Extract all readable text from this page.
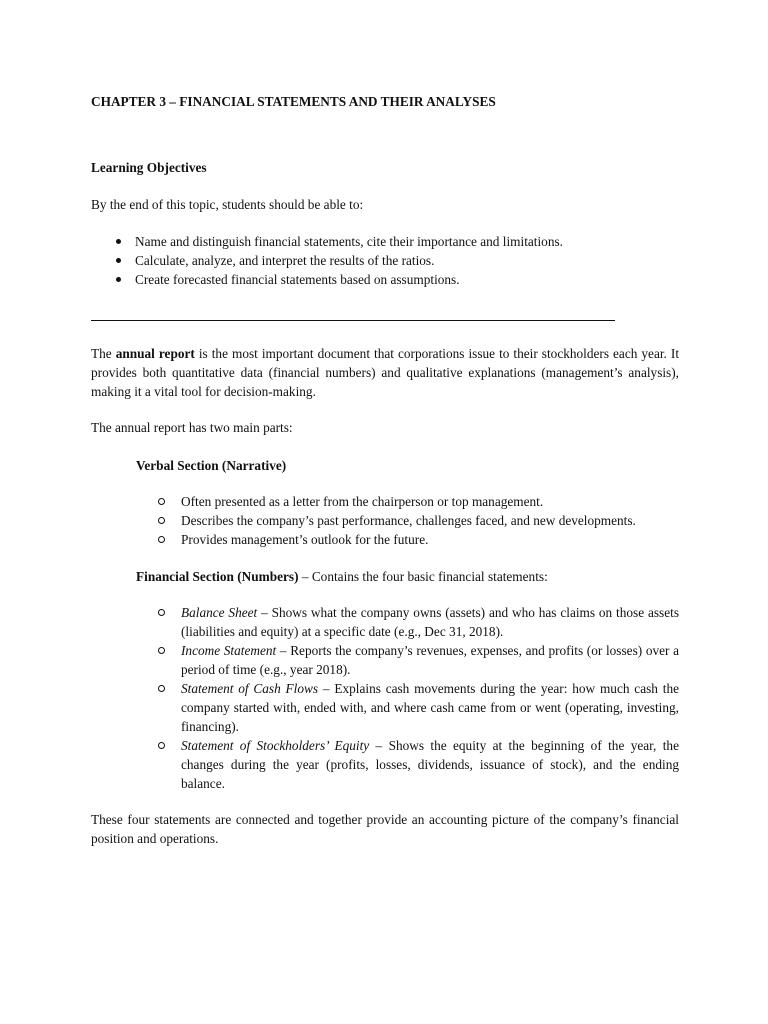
CHAPTER 3 – FINANCIAL STATEMENTS AND THEIR ANALYSES
Learning Objectives
By the end of this topic, students should be able to:
Name and distinguish financial statements, cite their importance and limitations.
Calculate, analyze, and interpret the results of the ratios.
Create forecasted financial statements based on assumptions.

The annual report is the most important document that corporations issue to their stockholders each year. It provides both quantitative data (financial numbers) and qualitative explanations (management’s analysis), making it a vital tool for decision-making.

The annual report has two main parts:
Verbal Section (Narrative)
Often presented as a letter from the chairperson or top management.
Describes the company’s past performance, challenges faced, and new developments.
Provides management’s outlook for the future.
Financial Section (Numbers) – Contains the four basic financial statements:
Balance Sheet – Shows what the company owns (assets) and who has claims on those assets (liabilities and equity) at a specific date (e.g., Dec 31, 2018).
Income Statement – Reports the company’s revenues, expenses, and profits (or losses) over a period of time (e.g., year 2018).
Statement of Cash Flows – Explains cash movements during the year: how much cash the company started with, ended with, and where cash came from or went (operating, investing, financing).
Statement of Stockholders’ Equity – Shows the equity at the beginning of the year, the changes during the year (profits, losses, dividends, issuance of stock), and the ending balance.

These four statements are connected and together provide an accounting picture of the company’s financial position and operations.
